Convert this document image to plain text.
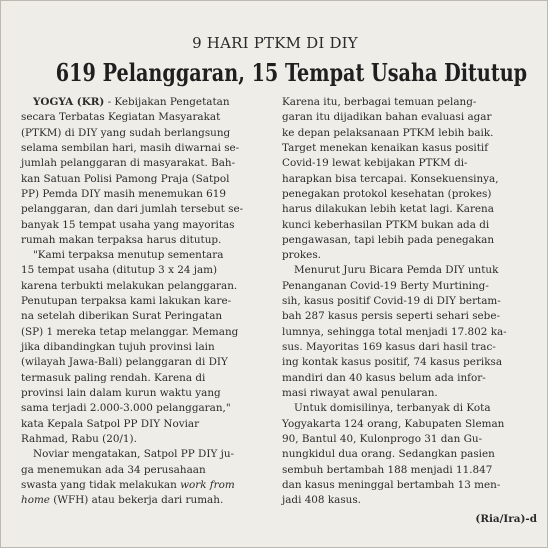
9 HARI PTKM DI DIY
619 Pelanggaran, 15 Tempat Usaha Ditutup
YOGYA (KR) - Kebijakan Pengetatan
secara Terbatas Kegiatan Masyarakat
(PTKM) di DIY yang sudah berlangsung
selama sembilan hari, masih diwarnai se-
jumlah pelanggaran di masyarakat. Bah-
kan Satuan Polisi Pamong Praja (Satpol
PP) Pemda DIY masih menemukan 619
pelanggaran, dan dari jumlah tersebut se-
banyak 15 tempat usaha yang mayoritas
rumah makan terpaksa harus ditutup.
"Kami terpaksa menutup sementara
15 tempat usaha (ditutup 3 x 24 jam)
karena terbukti melakukan pelanggaran.
Penutupan terpaksa kami lakukan kare-
na setelah diberikan Surat Peringatan
(SP) 1 mereka tetap melanggar. Memang
jika dibandingkan tujuh provinsi lain
(wilayah Jawa-Bali) pelanggaran di DIY
termasuk paling rendah. Karena di
provinsi lain dalam kurun waktu yang
sama terjadi 2.000-3.000 pelanggaran,"
kata Kepala Satpol PP DIY Noviar
Rahmad, Rabu (20/1).
Noviar mengatakan, Satpol PP DIY ju-
ga menemukan ada 34 perusahaan
swasta yang tidak melakukan work from
home (WFH) atau bekerja dari rumah.
Karena itu, berbagai temuan pelang-
garan itu dijadikan bahan evaluasi agar
ke depan pelaksanaan PTKM lebih baik.
Target menekan kenaikan kasus positif
Covid-19 lewat kebijakan PTKM di-
harapkan bisa tercapai. Konsekuensinya,
penegakan protokol kesehatan (prokes)
harus dilakukan lebih ketat lagi. Karena
kunci keberhasilan PTKM bukan ada di
pengawasan, tapi lebih pada penegakan
prokes.
Menurut Juru Bicara Pemda DIY untuk
Penanganan Covid-19 Berty Murtining-
sih, kasus positif Covid-19 di DIY bertam-
bah 287 kasus persis seperti sehari sebe-
lumnya, sehingga total menjadi 17.802 ka-
sus. Mayoritas 169 kasus dari hasil trac-
ing kontak kasus positif, 74 kasus periksa
mandiri dan 40 kasus belum ada infor-
masi riwayat awal penularan.
Untuk domisilinya, terbanyak di Kota
Yogyakarta 124 orang, Kabupaten Sleman
90, Bantul 40, Kulonprogo 31 dan Gu-
nungkidul dua orang. Sedangkan pasien
sembuh bertambah 188 menjadi 11.847
dan kasus meninggal bertambah 13 men-
jadi 408 kasus.
(Ria/Ira)-d
